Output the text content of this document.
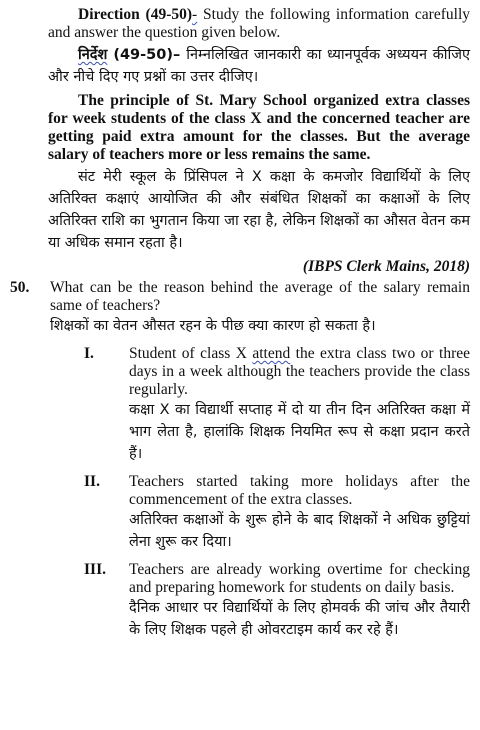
Direction (49-50)- Study the following information carefully and answer the question given below.

निर्देश (49-50)– निम्नलिखित जानकारी का ध्यानपूर्वक अध्ययन कीजिए और नीचे दिए गए प्रश्नों का उत्तर दीजिए।

The principle of St. Mary School organized extra classes for week students of the class X and the concerned teacher are getting paid extra amount for the classes. But the average salary of teachers more or less remains the same.

संट मेरी स्कूल के प्रिंसिपल ने X कक्षा के कमजोर विद्यार्थियों के लिए अतिरिक्त कक्षाएं आयोजित की और संबंधित शिक्षकों का कक्षाओं के लिए अतिरिक्त राशि का भुगतान किया जा रहा है, लेकिन शिक्षकों का औसत वेतन कम या अधिक समान रहता है।

(IBPS Clerk Mains, 2018)

50. What can be the reason behind the average of the salary remain same of teachers?

शिक्षकों का वेतन औसत रहन के पीछ क्या कारण हो सकता है।

I.	Student of class X attend the extra class two or three days in a week although the teachers provide the class regularly.

कक्षा X का विद्यार्थी सप्ताह में दो या तीन दिन अतिरिक्त कक्षा में भाग लेता है, हालांकि शिक्षक नियमित रूप से कक्षा प्रदान करते हैं।

II.	Teachers started taking more holidays after the commencement of the extra classes.

अतिरिक्त कक्षाओं के शुरू होने के बाद शिक्षकों ने अधिक छुट्टियां लेना शुरू कर दिया।

III.	Teachers are already working overtime for checking and preparing homework for students on daily basis.

दैनिक आधार पर विद्यार्थियों के लिए होमवर्क की जांच और तैयारी के लिए शिक्षक पहले ही ओवरटाइम कार्य कर रहे हैं।
